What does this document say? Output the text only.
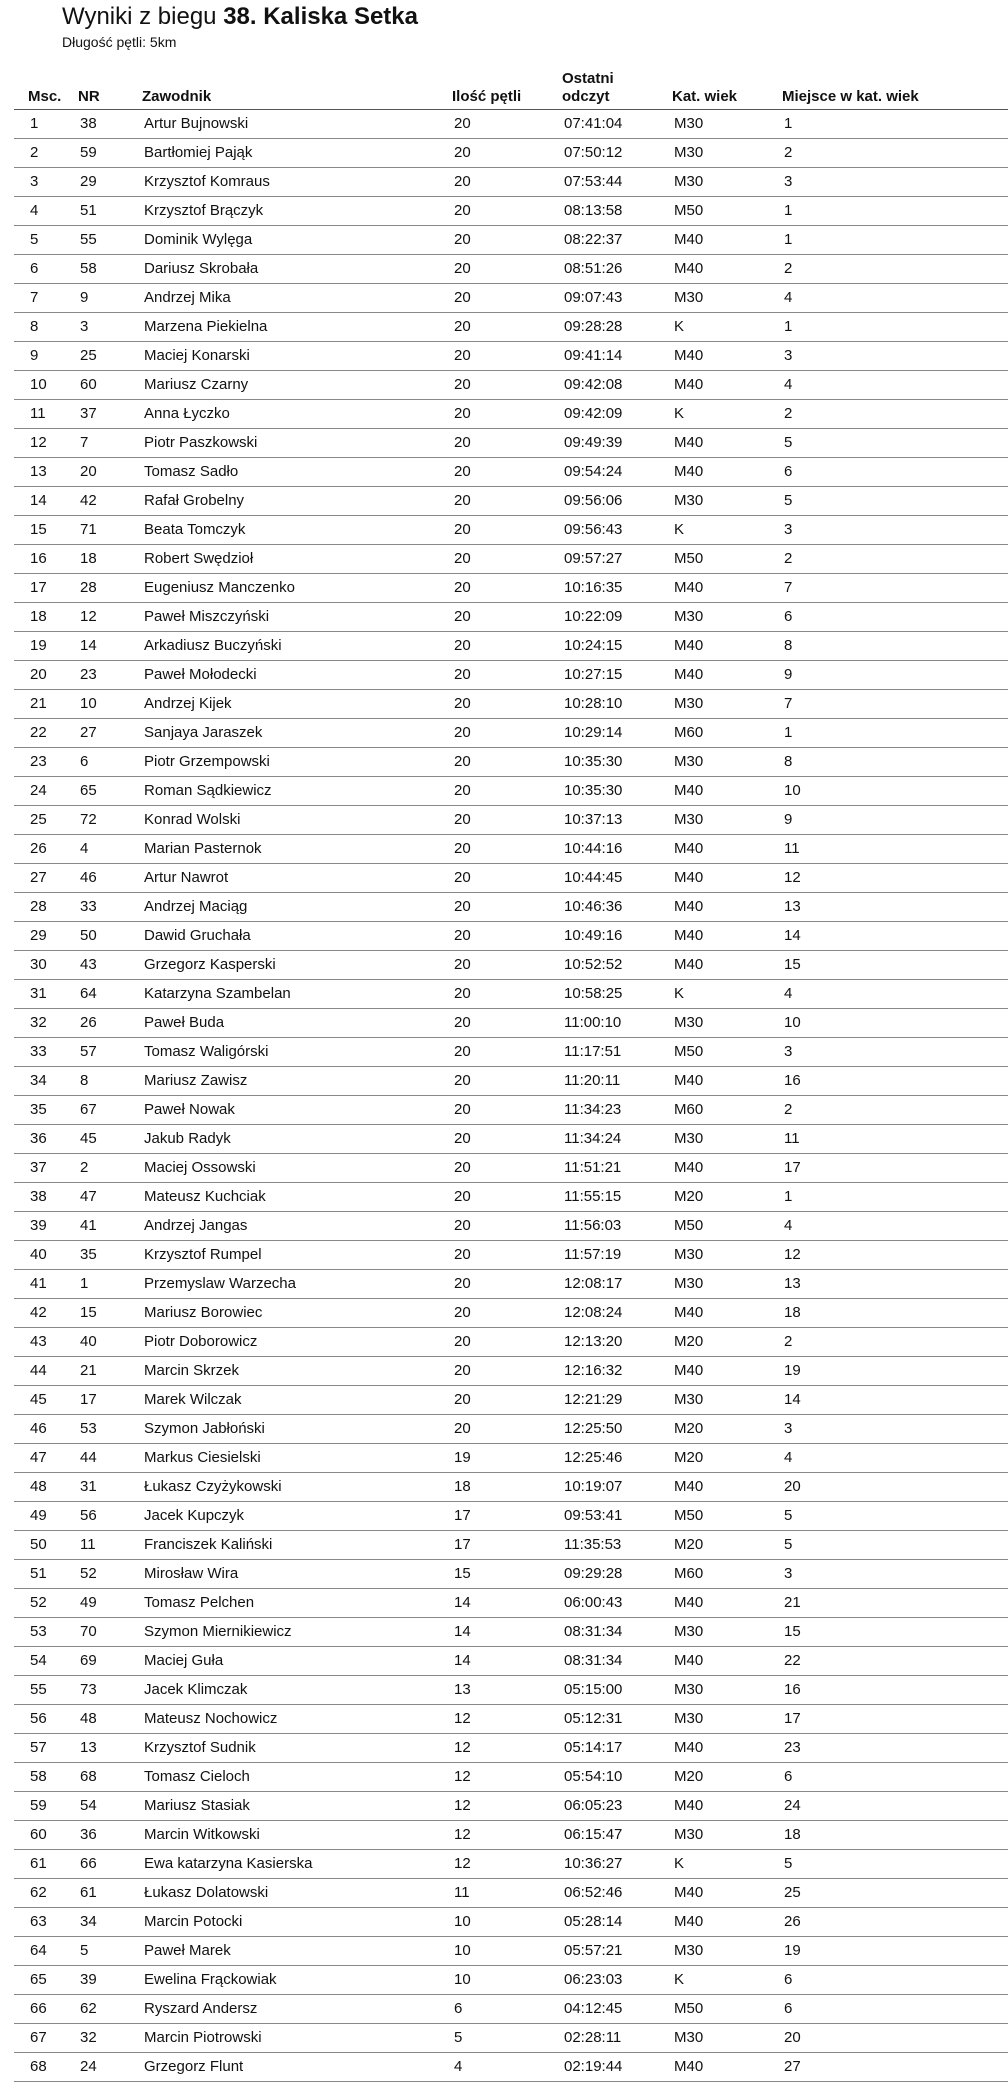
Wyniki z biegu 38. Kaliska Setka
Długość pętli: 5km
Msc.	NR	Zawodnik	Ilość pętli	Ostatni odczyt	Kat. wiek	Miejsce w kat. wiek
1	38	Artur Bujnowski	20	07:41:04	M30	1
2	59	Bartłomiej Pająk	20	07:50:12	M30	2
3	29	Krzysztof Komraus	20	07:53:44	M30	3
4	51	Krzysztof Brączyk	20	08:13:58	M50	1
5	55	Dominik Wylęga	20	08:22:37	M40	1
6	58	Dariusz Skrobała	20	08:51:26	M40	2
7	9	Andrzej Mika	20	09:07:43	M30	4
8	3	Marzena Piekielna	20	09:28:28	K	1
9	25	Maciej Konarski	20	09:41:14	M40	3
10	60	Mariusz Czarny	20	09:42:08	M40	4
11	37	Anna Łyczko	20	09:42:09	K	2
12	7	Piotr Paszkowski	20	09:49:39	M40	5
13	20	Tomasz Sadło	20	09:54:24	M40	6
14	42	Rafał Grobelny	20	09:56:06	M30	5
15	71	Beata Tomczyk	20	09:56:43	K	3
16	18	Robert Swędzioł	20	09:57:27	M50	2
17	28	Eugeniusz Manczenko	20	10:16:35	M40	7
18	12	Paweł Miszczyński	20	10:22:09	M30	6
19	14	Arkadiusz Buczyński	20	10:24:15	M40	8
20	23	Paweł Mołodecki	20	10:27:15	M40	9
21	10	Andrzej Kijek	20	10:28:10	M30	7
22	27	Sanjaya Jaraszek	20	10:29:14	M60	1
23	6	Piotr Grzempowski	20	10:35:30	M30	8
24	65	Roman Sądkiewicz	20	10:35:30	M40	10
25	72	Konrad Wolski	20	10:37:13	M30	9
26	4	Marian Pasternok	20	10:44:16	M40	11
27	46	Artur Nawrot	20	10:44:45	M40	12
28	33	Andrzej Maciąg	20	10:46:36	M40	13
29	50	Dawid Gruchała	20	10:49:16	M40	14
30	43	Grzegorz Kasperski	20	10:52:52	M40	15
31	64	Katarzyna Szambelan	20	10:58:25	K	4
32	26	Paweł Buda	20	11:00:10	M30	10
33	57	Tomasz Waligórski	20	11:17:51	M50	3
34	8	Mariusz Zawisz	20	11:20:11	M40	16
35	67	Paweł Nowak	20	11:34:23	M60	2
36	45	Jakub Radyk	20	11:34:24	M30	11
37	2	Maciej Ossowski	20	11:51:21	M40	17
38	47	Mateusz Kuchciak	20	11:55:15	M20	1
39	41	Andrzej Jangas	20	11:56:03	M50	4
40	35	Krzysztof Rumpel	20	11:57:19	M30	12
41	1	Przemyslaw Warzecha	20	12:08:17	M30	13
42	15	Mariusz Borowiec	20	12:08:24	M40	18
43	40	Piotr Doborowicz	20	12:13:20	M20	2
44	21	Marcin Skrzek	20	12:16:32	M40	19
45	17	Marek Wilczak	20	12:21:29	M30	14
46	53	Szymon Jabłoński	20	12:25:50	M20	3
47	44	Markus Ciesielski	19	12:25:46	M20	4
48	31	Łukasz Czyżykowski	18	10:19:07	M40	20
49	56	Jacek Kupczyk	17	09:53:41	M50	5
50	11	Franciszek Kaliński	17	11:35:53	M20	5
51	52	Mirosław Wira	15	09:29:28	M60	3
52	49	Tomasz Pelchen	14	06:00:43	M40	21
53	70	Szymon Miernikiewicz	14	08:31:34	M30	15
54	69	Maciej Guła	14	08:31:34	M40	22
55	73	Jacek Klimczak	13	05:15:00	M30	16
56	48	Mateusz Nochowicz	12	05:12:31	M30	17
57	13	Krzysztof Sudnik	12	05:14:17	M40	23
58	68	Tomasz Cieloch	12	05:54:10	M20	6
59	54	Mariusz Stasiak	12	06:05:23	M40	24
60	36	Marcin Witkowski	12	06:15:47	M30	18
61	66	Ewa katarzyna Kasierska	12	10:36:27	K	5
62	61	Łukasz Dolatowski	11	06:52:46	M40	25
63	34	Marcin Potocki	10	05:28:14	M40	26
64	5	Paweł Marek	10	05:57:21	M30	19
65	39	Ewelina Frąckowiak	10	06:23:03	K	6
66	62	Ryszard Andersz	6	04:12:45	M50	6
67	32	Marcin Piotrowski	5	02:28:11	M30	20
68	24	Grzegorz Flunt	4	02:19:44	M40	27
